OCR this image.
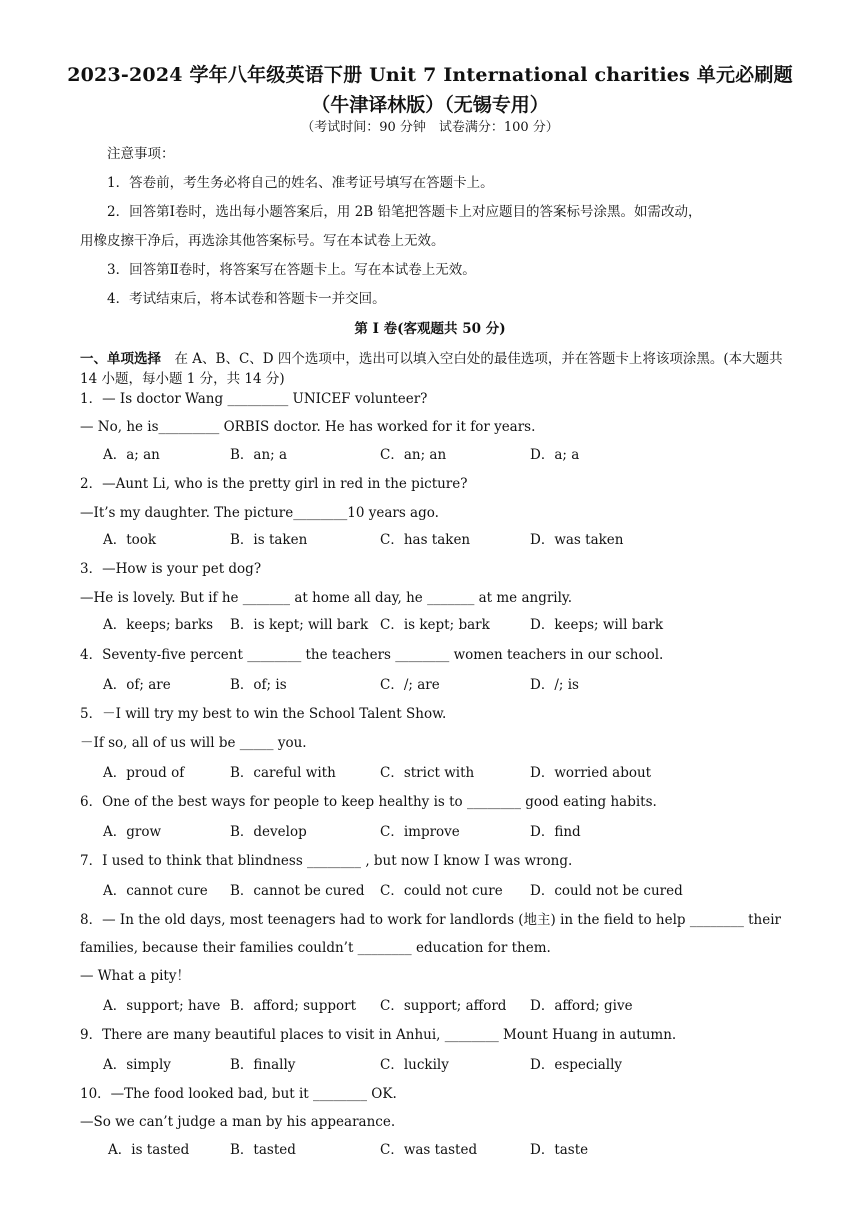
2023-2024 学年八年级英语下册 Unit 7 International charities 单元必刷题
（牛津译林版）（无锡专用）
（考试时间：90 分钟　试卷满分：100 分）
注意事项：
1．答卷前，考生务必将自己的姓名、准考证号填写在答题卡上。
2．回答第Ⅰ卷时，选出每小题答案后，用 2B 铅笔把答题卡上对应题目的答案标号涂黑。如需改动，
用橡皮擦干净后，再选涂其他答案标号。写在本试卷上无效。
3．回答第Ⅱ卷时，将答案写在答题卡上。写在本试卷上无效。
4．考试结束后，将本试卷和答题卡一并交回。
第 I 卷(客观题共 50 分)
一、单项选择　在 A、B、C、D 四个选项中，选出可以填入空白处的最佳选项，并在答题卡上将该项涂黑。(本大题共 14 小题，每小题 1 分，共 14 分)
1．— Is doctor Wang _________ UNICEF volunteer?
— No, he is_________ ORBIS doctor. He has worked for it for years.
A．a; an	B．an; a	C．an; an	D．a; a
2．—Aunt Li, who is the pretty girl in red in the picture?
—It’s my daughter. The picture________10 years ago.
A．took	B．is taken	C．has taken	D．was taken
3．—How is your pet dog?
—He is lovely. But if he _______ at home all day, he _______ at me angrily.
A．keeps; barks B．is kept; will bark C．is kept; bark	D．keeps; will bark
4．Seventy-five percent ________ the teachers ________ women teachers in our school.
A．of; are	B．of; is	C．/; are	D．/; is
5．－I will try my best to win the School Talent Show.
－If so, all of us will be _____ you.
A．proud of	B．careful with	C．strict with	D．worried about
6．One of the best ways for people to keep healthy is to ________ good eating habits.
A．grow	B．develop	C．improve	D．find
7．I used to think that blindness ________ , but now I know I was wrong.
A．cannot cure B．cannot be cured C．could not cure D．could not be cured
8．— In the old days, most teenagers had to work for landlords (地主) in the field to help ________ their families, because their families couldn’t ________ education for them.
— What a pity！
A．support; have B．afford; support C．support; afford D．afford; give
9．There are many beautiful places to visit in Anhui, ________ Mount Huang in autumn.
A．simply	B．finally	C．luckily	D．especially
10．—The food looked bad, but it ________ OK.
—So we can’t judge a man by his appearance.
A．is tasted	B．tasted	C．was tasted	D．taste
